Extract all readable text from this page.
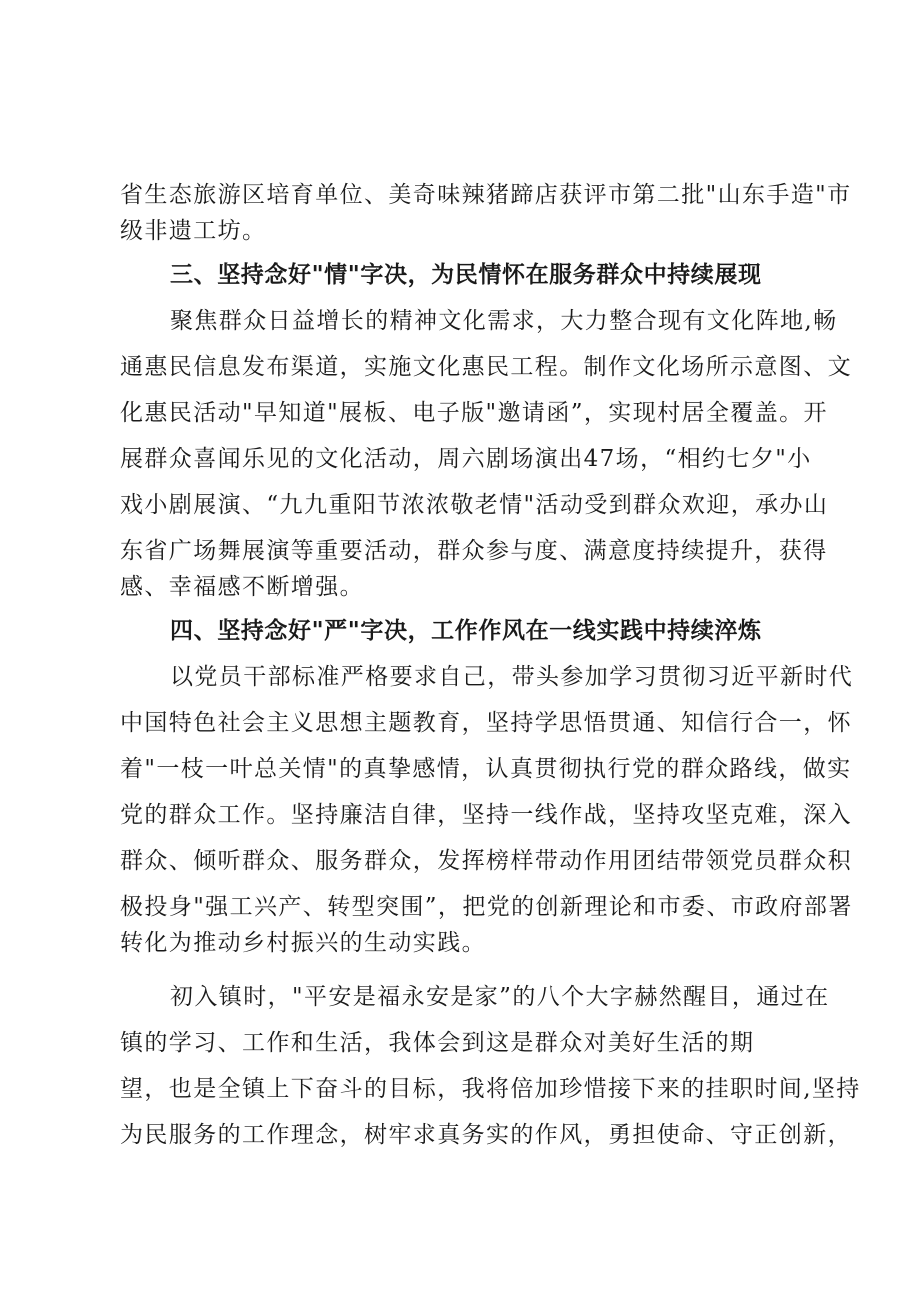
省生态旅游区培育单位、美奇味辣猪蹄店获评市第二批"山东手造"市
级非遗工坊。
三、坚持念好"情"字决，为民情怀在服务群众中持续展现
聚焦群众日益增长的精神文化需求，大力整合现有文化阵地,畅
通惠民信息发布渠道，实施文化惠民工程。制作文化场所示意图、文
化惠民活动"早知道"展板、电子版"邀请函”，实现村居全覆盖。开
展群众喜闻乐见的文化活动，周六剧场演出47场，“相约七夕"小
戏小剧展演、“九九重阳节浓浓敬老情"活动受到群众欢迎，承办山
东省广场舞展演等重要活动，群众参与度、满意度持续提升，获得
感、幸福感不断增强。
四、坚持念好"严"字决，工作作风在一线实践中持续淬炼
以党员干部标准严格要求自己，带头参加学习贯彻习近平新时代
中国特色社会主义思想主题教育，坚持学思悟贯通、知信行合一，怀
着"一枝一叶总关情"的真挚感情，认真贯彻执行党的群众路线，做实
党的群众工作。坚持廉洁自律，坚持一线作战，坚持攻坚克难，深入
群众、倾听群众、服务群众，发挥榜样带动作用团结带领党员群众积
极投身"强工兴产、转型突围”，把党的创新理论和市委、市政府部署
转化为推动乡村振兴的生动实践。
初入镇时，"平安是福永安是家”的八个大字赫然醒目，通过在
镇的学习、工作和生活，我体会到这是群众对美好生活的期
望，也是全镇上下奋斗的目标，我将倍加珍惜接下来的挂职时间,坚持
为民服务的工作理念，树牢求真务实的作风，勇担使命、守正创新，
